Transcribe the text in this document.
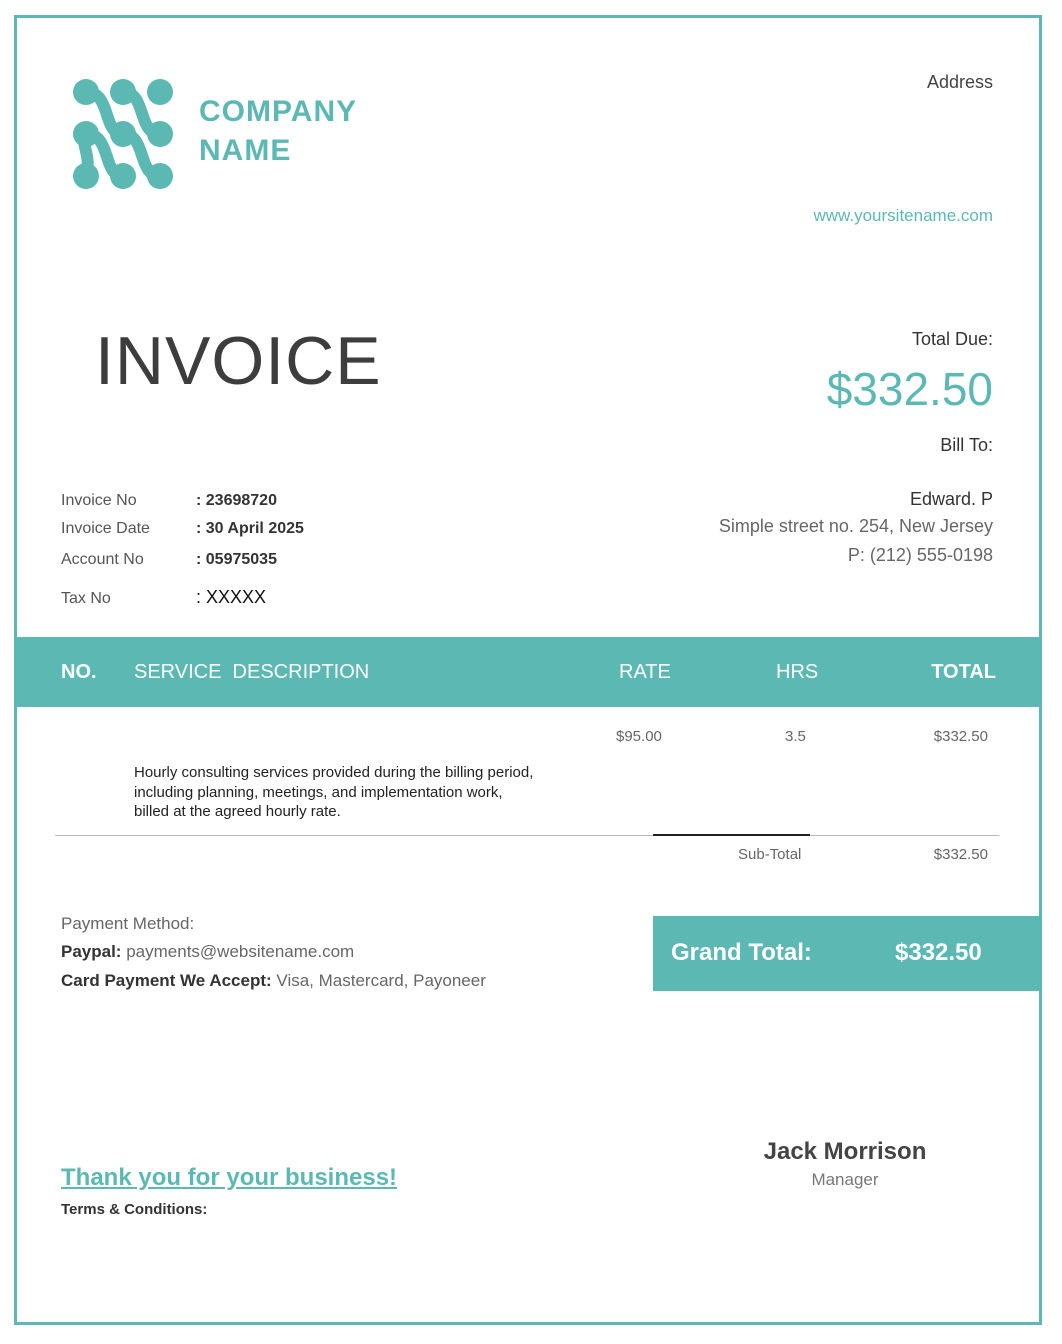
COMPANY
NAME
Address
www.yoursitename.com
INVOICE	Total Due:
$332.50
Bill To:
Invoice No	: 23698720
Invoice Date	: 30 April 2025
Account No	: 05975035
Tax No	: XXXXX
Edward. P
Simple street no. 254, New Jersey
P: (212) 555-0198
NO. SERVICE  DESCRIPTION	RATE	HRS	TOTAL
$95.00	3.5	$332.50
Hourly consulting services provided during the billing period, including planning, meetings, and implementation work, billed at the agreed hourly rate.
Sub-Total	$332.50
Payment Method:
Paypal: payments@websitename.com
Card Payment We Accept: Visa, Mastercard, Payoneer
Grand Total:	$332.50
Thank you for your business!
Terms & Conditions:
Jack Morrison
Manager
